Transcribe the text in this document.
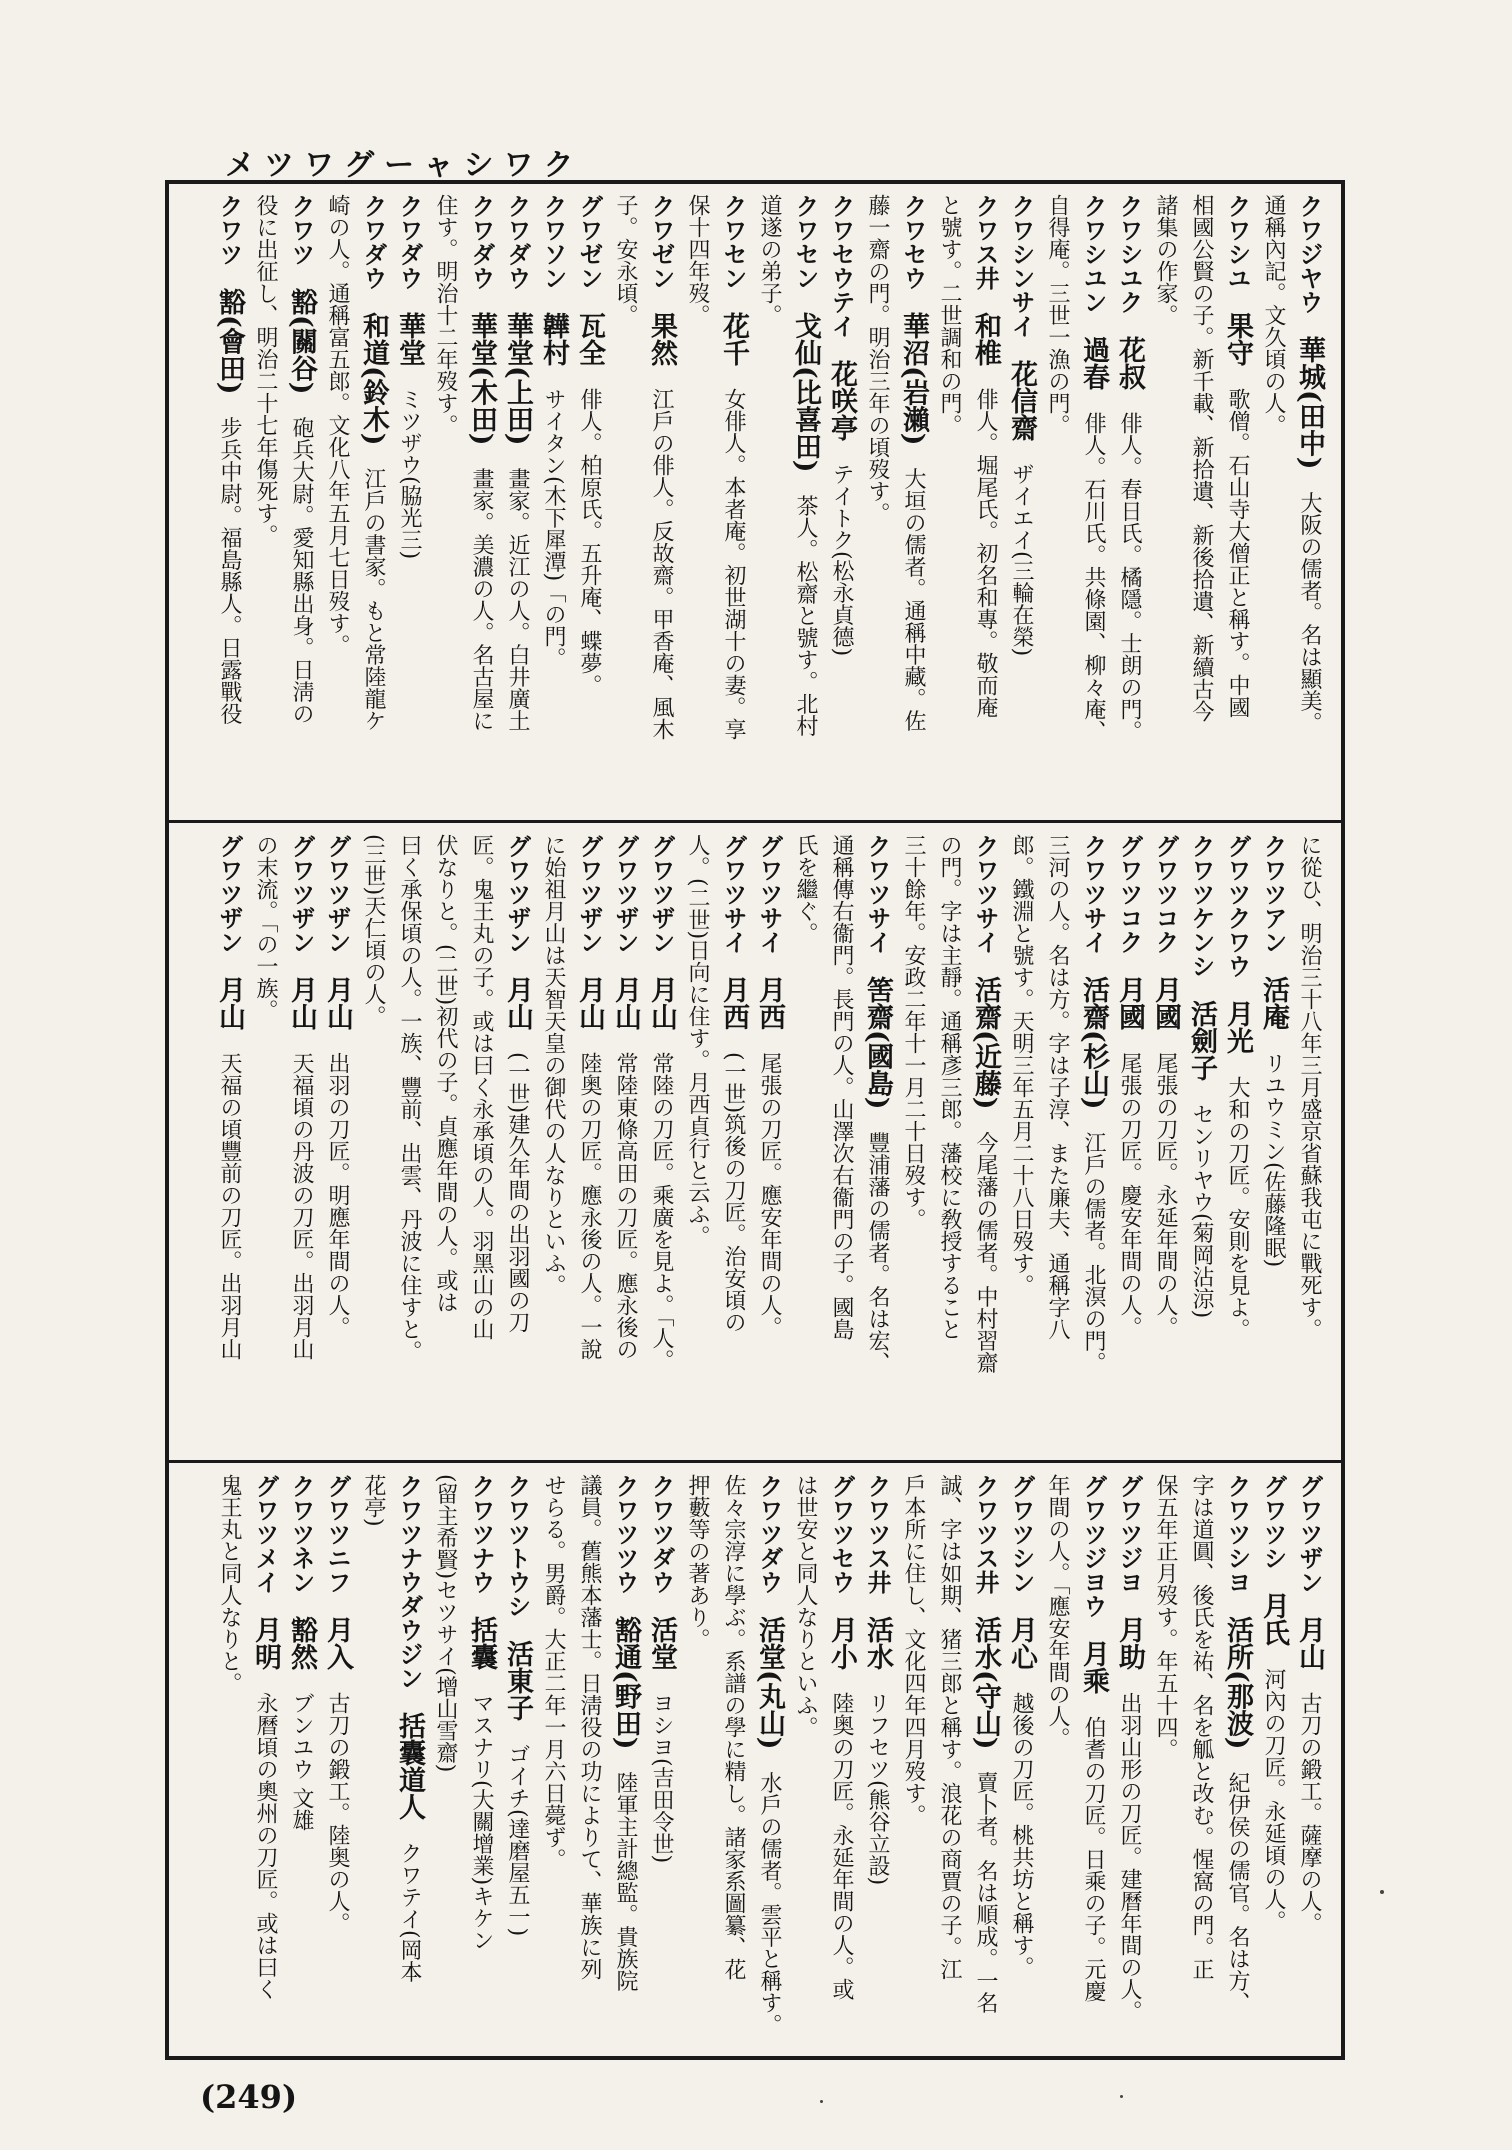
メツワグーャシワク
クワジヤウ　華城(田中)　大阪の儒者。名は顯美。
通稱內記。文久頃の人。
クワシユ　果守　歌僧。石山寺大僧正と稱す。中國
相國公賢の子。新千載、新拾遺、新後拾遺、新續古今
諸集の作家。
クワシユク　花叔　俳人。春日氏。橘隱。士朗の門。
クワシユン　過春　俳人。石川氏。共條園、柳々庵、
自得庵。三世一漁の門。
クワシンサイ　花信齋　ザイエイ(三輪在榮)
クワス井　和椎　俳人。堀尾氏。初名和專。敬而庵
と號す。二世調和の門。
クワセウ　華沼(岩瀨)　大垣の儒者。通稱中藏。佐
藤一齋の門。明治三年の頃歿す。
クワセウテイ　花咲亭　テイトク(松永貞德)
クワセン　戈仙(比喜田)　茶人。松齋と號す。北村
道遂の弟子。
クワセン　花千　女俳人。本者庵。初世湖十の妻。享
保十四年歿。
クワゼン　果然　江戶の俳人。反故齋。甲香庵、風木
子。安永頃。
グワゼン　瓦全　俳人。柏原氏。五升庵、蝶夢。
クワソン　韡村　サイタン(木下犀潭)「の門。
クワダウ　華堂(上田)　畫家。近江の人。白井廣土
クワダウ　華堂(木田)　畫家。美濃の人。名古屋に
住す。明治十二年歿す。
クワダウ　華堂　ミツザウ(脇光三)
クワダウ　和道(鈴木)　江戶の書家。もと常陸龍ケ
崎の人。通稱富五郎。文化八年五月七日歿す。
クワツ　豁(關谷)　砲兵大尉。愛知縣出身。日淸の
役に出征し、明治二十七年傷死す。
クワツ　豁(會田)　步兵中尉。福島縣人。日露戰役
に從ひ、明治三十八年三月盛京省蘇我屯に戰死す。
クワツアン　活庵　リユウミン(佐藤隆眠)
グワツクワウ　月光　大和の刀匠。安則を見よ。
クワツケンシ　活劍子　センリヤウ(菊岡沾涼)
グワツコク　月國　尾張の刀匠。永延年間の人。
グワツコク　月國　尾張の刀匠。慶安年間の人。
クワツサイ　活齋(杉山)　江戶の儒者。北溟の門。
三河の人。名は方。字は子淳、また廉夫、通稱字八
郎。鐵淵と號す。天明三年五月二十八日歿す。
クワツサイ　活齋(近藤)　今尾藩の儒者。中村習齋
の門。字は主靜。通稱彥三郎。藩校に敎授すること
三十餘年。安政二年十一月二十日歿す。
クワツサイ　筈齋(國島)　豐浦藩の儒者。名は宏、
通稱傳右衞門。長門の人。山澤次右衞門の子。國島
氏を繼ぐ。
グワツサイ　月西　尾張の刀匠。應安年間の人。
グワツサイ　月西　(一世)筑後の刀匠。治安頃の
人。(二世)日向に住す。月西貞行と云ふ。
グワツザン　月山　常陸の刀匠。乘廣を見よ。「人。
グワツザン　月山　常陸東條高田の刀匠。應永後の
グワツザン　月山　陸奥の刀匠。應永後の人。一說
に始祖月山は天智天皇の御代の人なりといふ。
グワツザン　月山　(一世)建久年間の出羽國の刀
匠。鬼王丸の子。或は曰く永承頃の人。羽黑山の山
伏なりと。(二世)初代の子。貞應年間の人。或は
曰く承保頃の人。一族、豐前、出雲、丹波に住すと。
(三世)天仁頃の人。
グワツザン　月山　出羽の刀匠。明應年間の人。
グワツザン　月山　天福頃の丹波の刀匠。出羽月山
の末流。「の一族。
グワツザン　月山　天福の頃豐前の刀匠。出羽月山
グワツザン　月山　古刀の鍛工。薩摩の人。
グワツシ　月氏　河內の刀匠。永延頃の人。
クワツシヨ　活所(那波)　紀伊侯の儒官。名は方、
字は道圓、後氏を祐、名を觚と改む。惺窩の門。正
保五年正月歿す。年五十四。
グワツジヨ　月助　出羽山形の刀匠。建曆年間の人。
グワツジヨウ　月乘　伯耆の刀匠。日乘の子。元慶
年間の人。「應安年間の人。
グワツシン　月心　越後の刀匠。桃共坊と稱す。
クワツス井　活水(守山)　賣卜者。名は順成。一名
誠、字は如期、猪三郎と稱す。浪花の商賈の子。江
戶本所に住し、文化四年四月歿す。
クワツス井　活水　リフセツ(熊谷立設)
グワツセウ　月小　陸奥の刀匠。永延年間の人。或
は世安と同人なりといふ。
クワツダウ　活堂(丸山)　水戶の儒者。雲平と稱す。
佐々宗淳に學ぶ。系譜の學に精し。諸家系圖纂、花
押藪等の著あり。
クワツダウ　活堂　ヨシヨ(吉田令世)
クワツツウ　豁通(野田)　陸軍主計總監。貴族院
議員。舊熊本藩士。日淸役の功によりて、華族に列
せらる。男爵。大正二年一月六日薨ず。
クワツトウシ　活東子　ゴイチ(達磨屋五一)
クワツナウ　括囊　マスナリ(大關增業)キケン
(留主希賢)セツサイ(增山雪齋)
クワツナウダウジン　括囊道人　クワテイ(岡本
花亭)
グワツニフ　月入　古刀の鍛工。陸奥の人。
クワツネン　豁然　ブンユウ 文雄
グワツメイ　月明　永曆頃の奧州の刀匠。或は曰く
鬼王丸と同人なりと。
(249)
